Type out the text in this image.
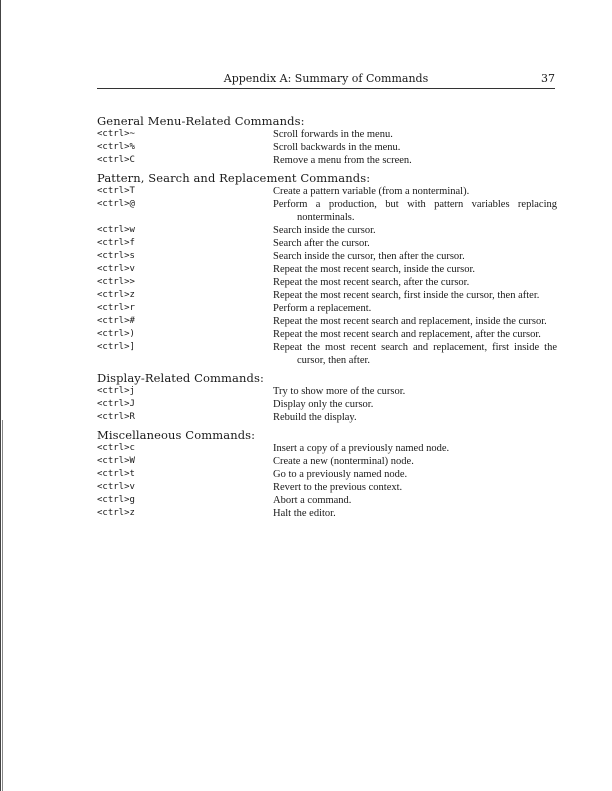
Appendix A: Summary of Commands	37

General Menu-Related Commands:

<ctrl>~	Scroll forwards in the menu.
<ctrl>%	Scroll backwards in the menu.
<ctrl>C	Remove a menu from the screen.

Pattern, Search and Replacement Commands:

<ctrl>T	Create a pattern variable (from a nonterminal).
<ctrl>@	Perform a production, but with pattern variables replacing nonterminals.
<ctrl>w	Search inside the cursor.
<ctrl>f	Search after the cursor.
<ctrl>s	Search inside the cursor, then after the cursor.
<ctrl>v	Repeat the most recent search, inside the cursor.
<ctrl>>	Repeat the most recent search, after the cursor.
<ctrl>z	Repeat the most recent search, first inside the cursor, then after.
<ctrl>r	Perform a replacement.
<ctrl>#	Repeat the most recent search and replacement, inside the cursor.
<ctrl>)	Repeat the most recent search and replacement, after the cursor.
<ctrl>]	Repeat the most recent search and replacement, first inside the cursor, then after.

Display-Related Commands:

<ctrl>j	Try to show more of the cursor.
<ctrl>J	Display only the cursor.
<ctrl>R	Rebuild the display.

Miscellaneous Commands:

<ctrl>c	Insert a copy of a previously named node.
<ctrl>W	Create a new (nonterminal) node.
<ctrl>t	Go to a previously named node.
<ctrl>v	Revert to the previous context.
<ctrl>g	Abort a command.
<ctrl>z	Halt the editor.
